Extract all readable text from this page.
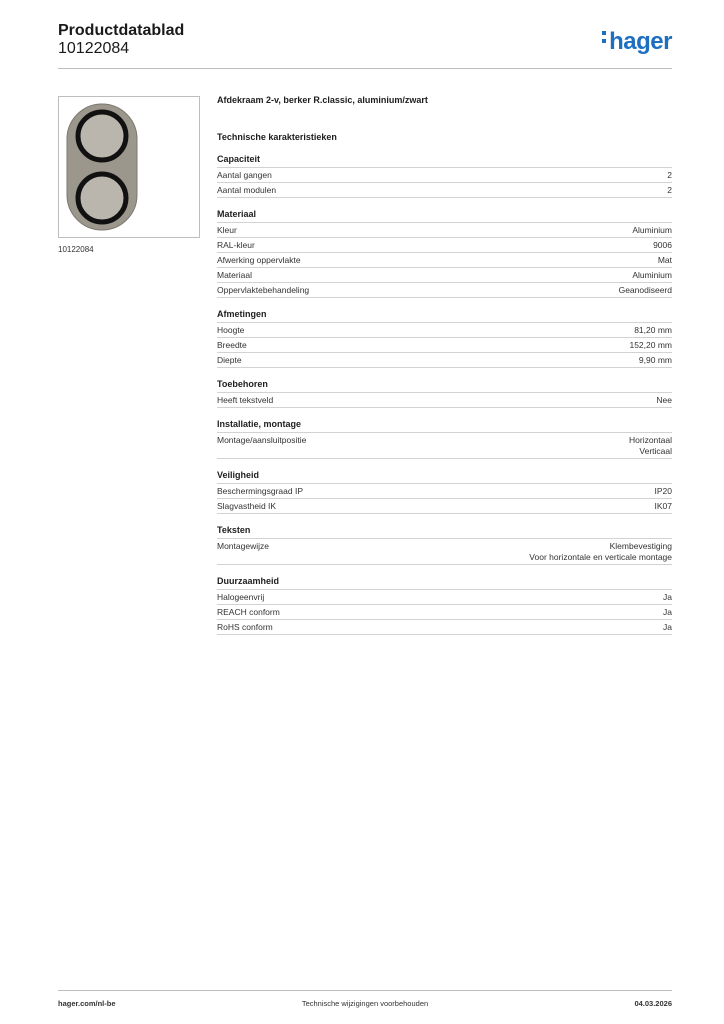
Productdatablad
10122084	hager
10122084
Afdekraam 2-v, berker R.classic, aluminium/zwart
Technische karakteristieken
Capaciteit
Aantal gangen	2
Aantal modulen	2
Materiaal
Kleur	Aluminium
RAL-kleur	9006
Afwerking oppervlakte	Mat
Materiaal	Aluminium
Oppervlaktebehandeling	Geanodiseerd
Afmetingen
Hoogte	81,20 mm
Breedte	152,20 mm
Diepte	9,90 mm
Toebehoren
Heeft tekstveld	Nee
Installatie, montage
Montage/aansluitpositie	Horizontaal
Verticaal
Veiligheid
Beschermingsgraad IP	IP20
Slagvastheid IK	IK07
Teksten
Montagewijze	Klembevestiging
Voor horizontale en verticale montage
Duurzaamheid
Halogeenvrij	Ja
REACH conform	Ja
RoHS conform	Ja
hager.com/nl-be	Technische wijzigingen voorbehouden	04.03.2026
